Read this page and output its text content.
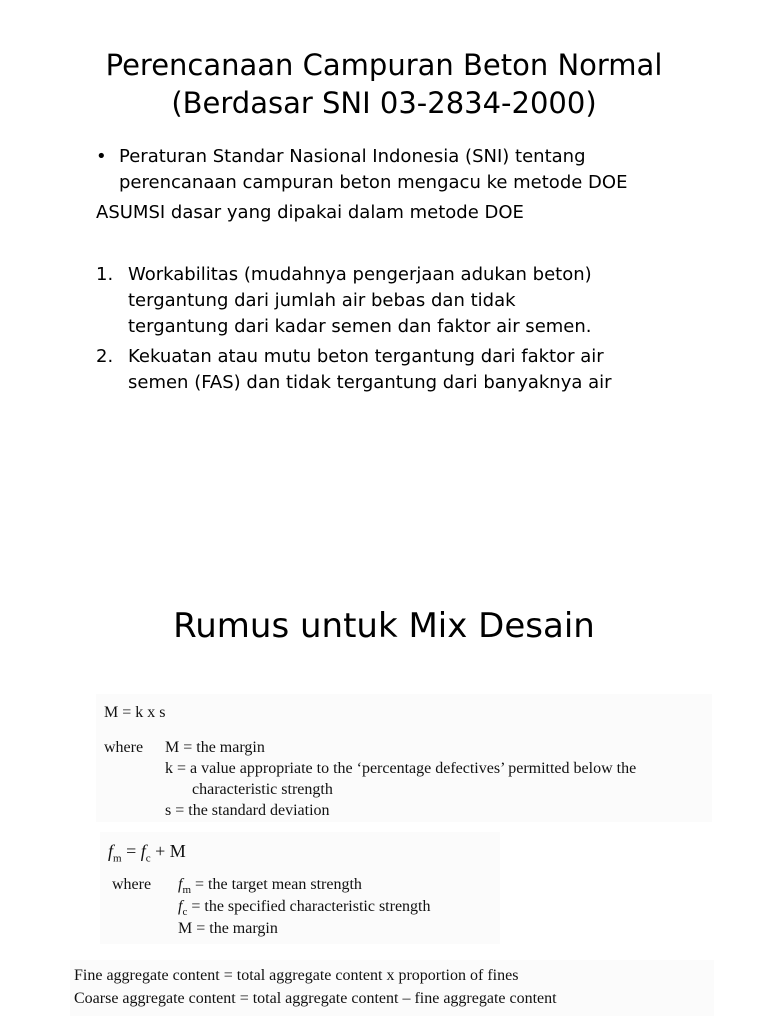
Perencanaan Campuran Beton Normal
(Berdasar SNI 03-2834-2000)
• Peraturan Standar Nasional Indonesia (SNI) tentang
perencanaan campuran beton mengacu ke metode DOE
ASUMSI dasar yang dipakai dalam metode DOE
1. Workabilitas (mudahnya pengerjaan adukan beton)
tergantung dari jumlah air bebas dan tidak
tergantung dari kadar semen dan faktor air semen.
2. Kekuatan atau mutu beton tergantung dari faktor air
semen (FAS) dan tidak tergantung dari banyaknya air
Rumus untuk Mix Desain
M = k x s
where M = the margin
k = a value appropriate to the ‘percentage defectives’ permitted below the
characteristic strength
s = the standard deviation
$f_m = f_c + M$
where $f_m$ = the target mean strength
$f_c$ = the specified characteristic strength
M = the margin
Fine aggregate content = total aggregate content x proportion of fines
Coarse aggregate content = total aggregate content – fine aggregate content
